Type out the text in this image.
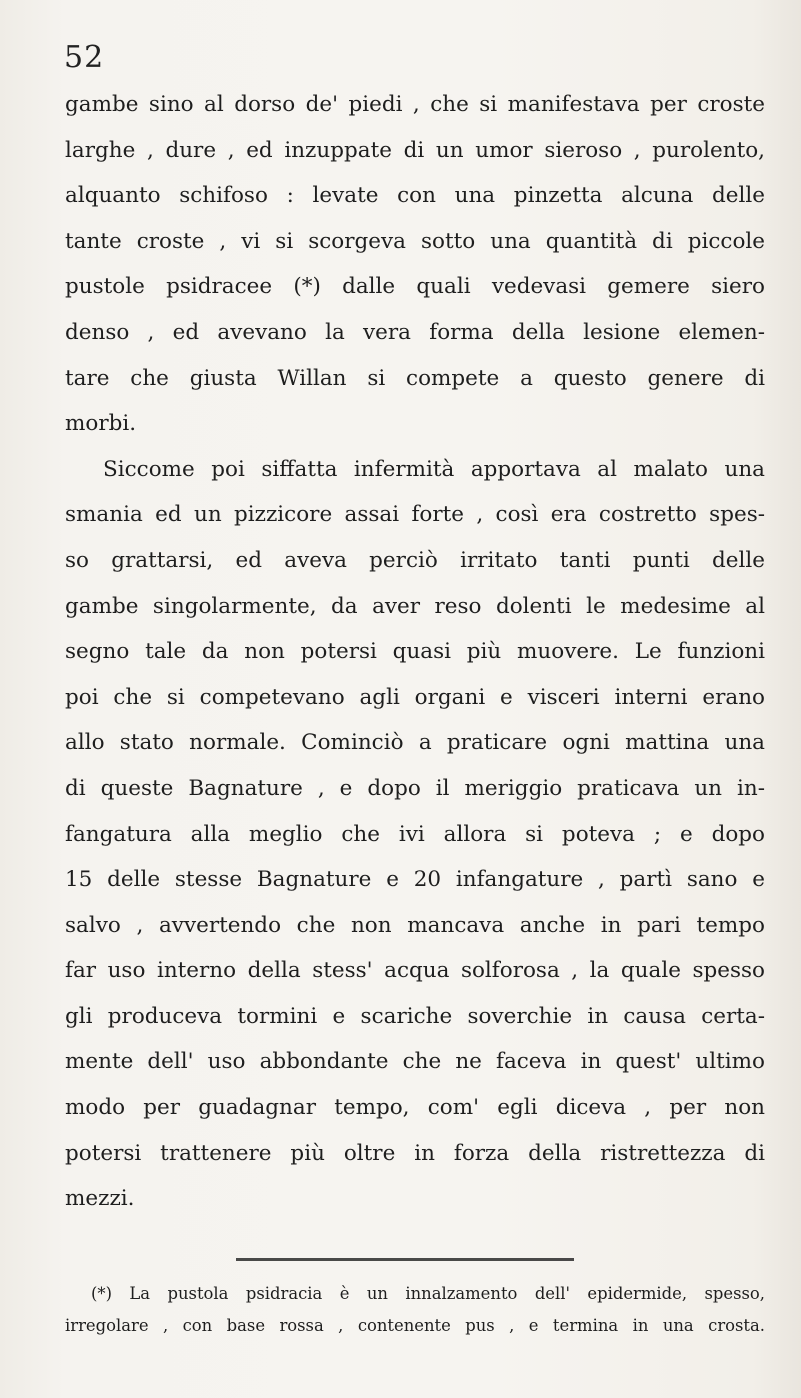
52
gambe sino al dorso de' piedi , che si manifestava per croste
larghe , dure , ed inzuppate di un umor sieroso , purolento,
alquanto schifoso : levate con una pinzetta alcuna delle
tante croste , vi si scorgeva sotto una quantità di piccole
pustole psidracee (*) dalle quali vedevasi gemere siero
denso , ed avevano la vera forma della lesione elemen-
tare che giusta Willan si compete a questo genere di
morbi.
Siccome poi siffatta infermità apportava al malato una
smania ed un pizzicore assai forte , così era costretto spes-
so grattarsi, ed aveva perciò irritato tanti punti delle
gambe singolarmente, da aver reso dolenti le medesime al
segno tale da non potersi quasi più muovere. Le funzioni
poi che si competevano agli organi e visceri interni erano
allo stato normale. Cominciò a praticare ogni mattina una
di queste Bagnature , e dopo il meriggio praticava un in-
fangatura alla meglio che ivi allora si poteva ; e dopo
15 delle stesse Bagnature e 20 infangature , partì sano e
salvo , avvertendo che non mancava anche in pari tempo
far uso interno della stess' acqua solforosa , la quale spesso
gli produceva tormini e scariche soverchie in causa certa-
mente dell' uso abbondante che ne faceva in quest' ultimo
modo per guadagnar tempo, com' egli diceva , per non
potersi trattenere più oltre in forza della ristrettezza di
mezzi.
(*) La pustola psidracia è un innalzamento dell' epidermide, spesso,
irregolare , con base rossa , contenente pus , e termina in una crosta.
